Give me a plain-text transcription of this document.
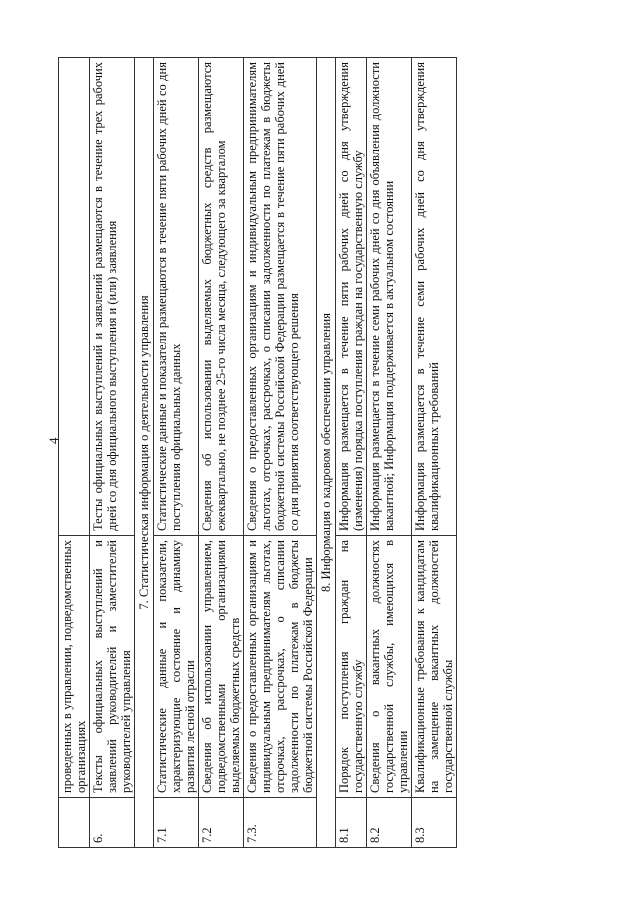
4
	проведенных в управлении, подведомственных организациях	
6.	Тексты официальных выступлений и заявлений руководителей и заместителей руководителей управления	Тесты официальных выступлений и заявлений размещаются в течение трех рабочих дней со дня официального выступления и (или) заявления
7. Статистическая информация о деятельности управления		
7.1	Статистические данные и показатели, характеризующие состояние и динамику развития лесной отрасли	Статистические данные и показатели размещаются в течение пяти рабочих дней со дня поступления официальных данных
7.2	Сведения об использовании управлением, подведомственными организациями выделяемых бюджетных средств	Сведения об использовании выделяемых бюджетных средств размещаются ежеквартально, не позднее 25-го числа месяца, следующего за кварталом
7.3.	Сведения о предоставленных организациям и индивидуальным предпринимателям льготах, отсрочках, рассрочках, о списании задолженности по платежам в бюджеты бюджетной системы Российской Федерации	Сведения о предоставленных организациям и индивидуальным предпринимателям льготах, отсрочках, рассрочках, о списании задолженности по платежам в бюджеты бюджетной системы Российской Федерации размещается в течение пяти рабочих дней со дня принятия соответствующего решения
8. Информация о кадровом обеспечении управления		
8.1	Порядок поступления граждан на государственную службу	Информация размещается в течение пяти рабочих дней со дня утверждения (изменения) порядка поступления граждан на государственную службу
8.2	Сведения о вакантных должностях государственной службы, имеющихся в управлении	Информация размещается в течение семи рабочих дней со дня объявления должности вакантной; Информация поддерживается в актуальном состоянии
8.3	Квалификационные требования к кандидатам на замещение вакантных должностей государственной службы	Информация размещается в течение семи рабочих дней со дня утверждения квалификационных требований
